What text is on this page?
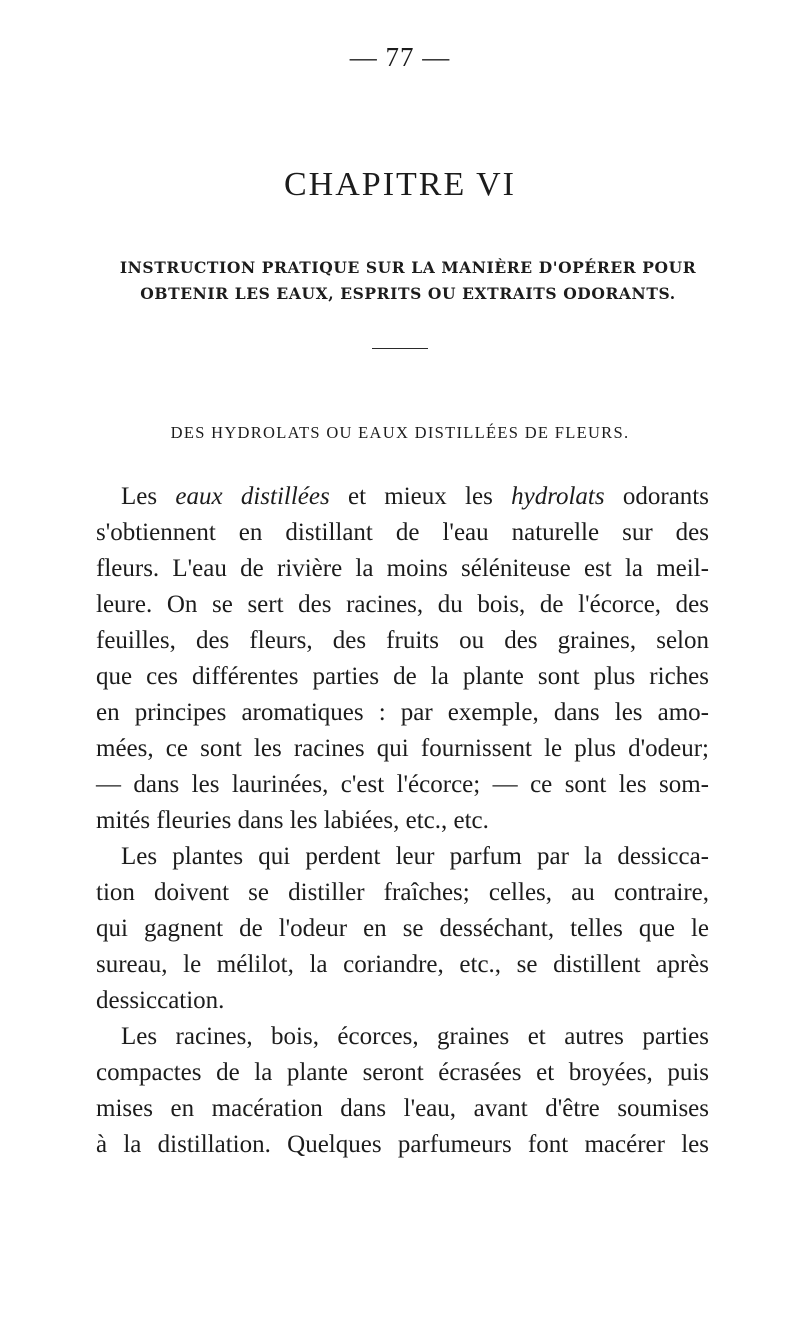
— 77 —
CHAPITRE VI
INSTRUCTION PRATIQUE SUR LA MANIÈRE D'OPÉRER POUR
OBTENIR LES EAUX, ESPRITS OU EXTRAITS ODORANTS.
DES HYDROLATS OU EAUX DISTILLÉES DE FLEURS.
Les eaux distillées et mieux les hydrolats odorants
s'obtiennent en distillant de l'eau naturelle sur des
fleurs. L'eau de rivière la moins séléniteuse est la meil-
leure. On se sert des racines, du bois, de l'écorce, des
feuilles, des fleurs, des fruits ou des graines, selon
que ces différentes parties de la plante sont plus riches
en principes aromatiques : par exemple, dans les amo-
mées, ce sont les racines qui fournissent le plus d'odeur;
— dans les laurinées, c'est l'écorce; — ce sont les som-
mités fleuries dans les labiées, etc., etc.
Les plantes qui perdent leur parfum par la dessicca-
tion doivent se distiller fraîches; celles, au contraire,
qui gagnent de l'odeur en se desséchant, telles que le
sureau, le mélilot, la coriandre, etc., se distillent après
dessiccation.
Les racines, bois, écorces, graines et autres parties
compactes de la plante seront écrasées et broyées, puis
mises en macération dans l'eau, avant d'être soumises
à la distillation. Quelques parfumeurs font macérer les
